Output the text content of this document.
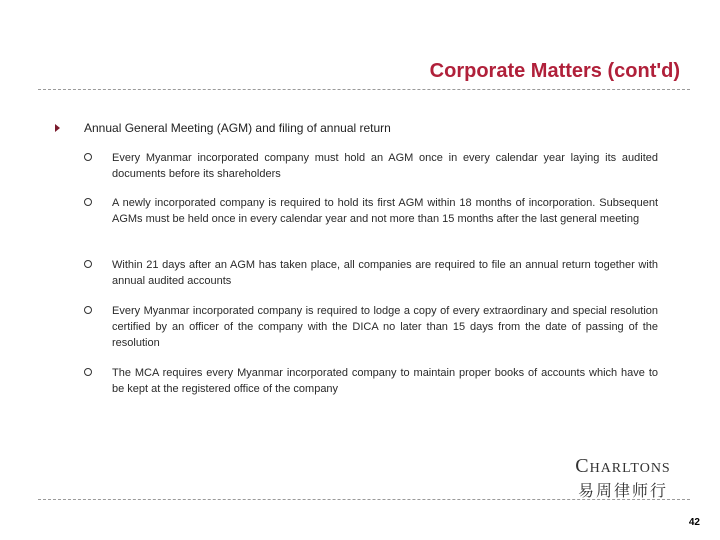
Corporate Matters (cont'd)
Annual General Meeting (AGM) and filing of annual return
Every Myanmar incorporated company must hold an AGM once in every calendar year laying its audited documents before its shareholders
A newly incorporated company is required to hold its first AGM within 18 months of incorporation. Subsequent AGMs must be held once in every calendar year and not more than 15 months after the last general meeting
Within 21 days after an AGM has taken place, all companies are required to file an annual return together with annual audited accounts
Every Myanmar incorporated company is required to lodge a copy of every extraordinary and special resolution certified by an officer of the company with the DICA no later than 15 days from the date of passing of the resolution
The MCA requires every Myanmar incorporated company to maintain proper books of accounts which have to be kept at the registered office of the company
Charltons
易周律师行
42
